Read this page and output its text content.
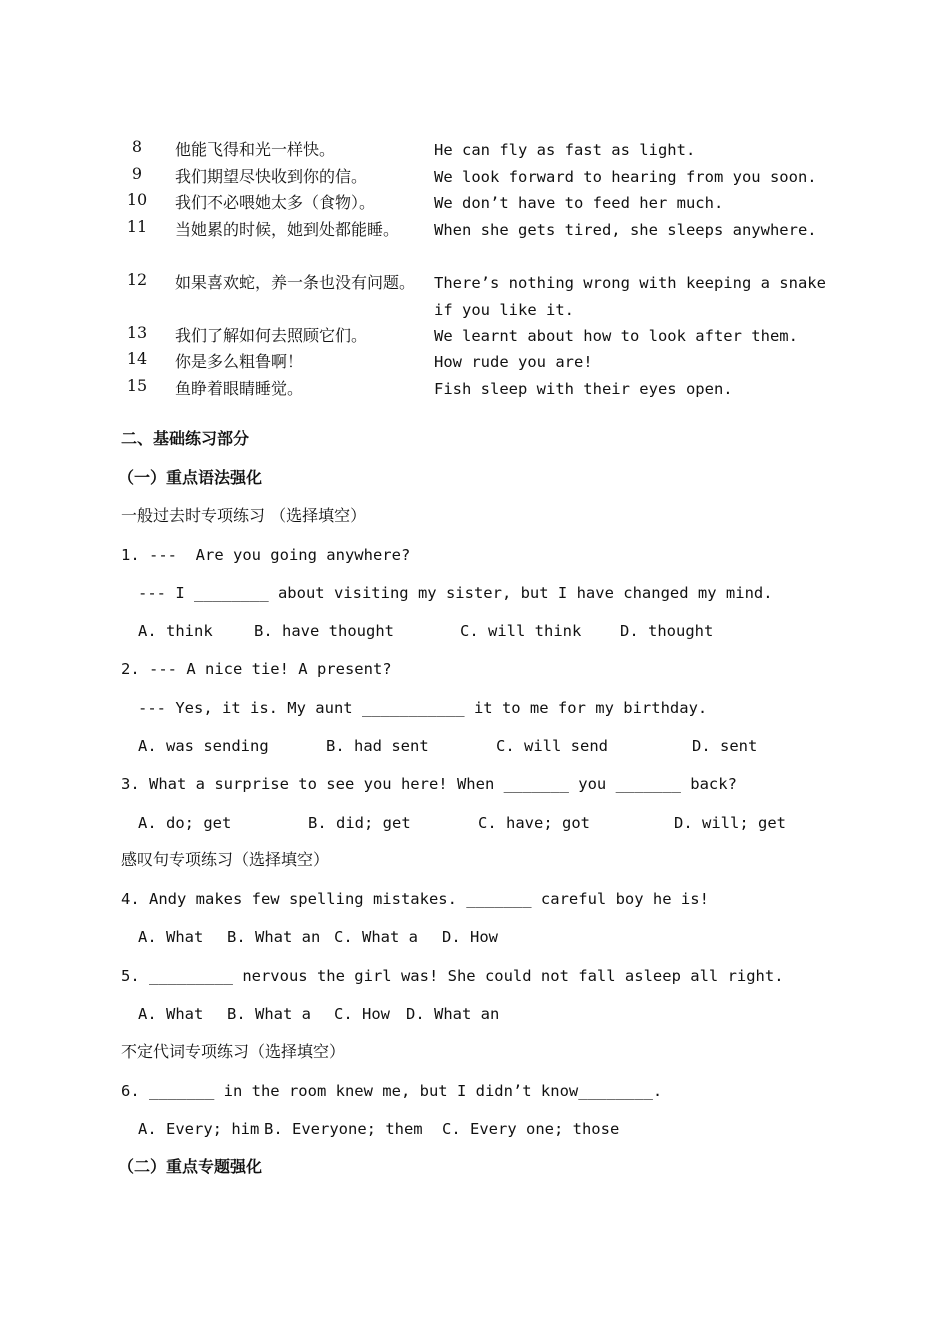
8	他能飞得和光一样快。	He can fly as fast as light.
9	我们期望尽快收到你的信。	We look forward to hearing from you soon.
10	我们不必喂她太多（食物）。	We don’t have to feed her much.
11	当她累的时候，她到处都能睡。 When she gets tired, she sleeps anywhere.
12	如果喜欢蛇，养一条也没有问题。 There’s nothing wrong with keeping a snake
if you like it.
13	我们了解如何去照顾它们。	We learnt about how to look after them.
14	你是多么粗鲁啊！	How rude you are!
15	鱼睁着眼睛睡觉。	Fish sleep with their eyes open.
二、基础练习部分
（一）重点语法强化
一般过去时专项练习 （选择填空）
1. ---  Are you going anywhere?
--- I ________ about visiting my sister, but I have changed my mind.
A. think	B. have thought	C. will think D. thought
2. --- A nice tie! A present?
--- Yes, it is. My aunt ___________ it to me for my birthday.
A. was sending	B. had sent	C. will send	D. sent
3. What a surprise to see you here! When _______ you _______ back?
A. do; get	B. did; get	C. have; got	D. will; get
感叹句专项练习（选择填空）
4. Andy makes few spelling mistakes. _______ careful boy he is!
A. What B. What an C. What a D. How
5. _________ nervous the girl was! She could not fall asleep all right.
A. What B. What a C. How D. What an
不定代词专项练习（选择填空）
6. _______ in the room knew me, but I didn’t know________.
A. Every; him B. Everyone; them C. Every one; those
（二）重点专题强化
